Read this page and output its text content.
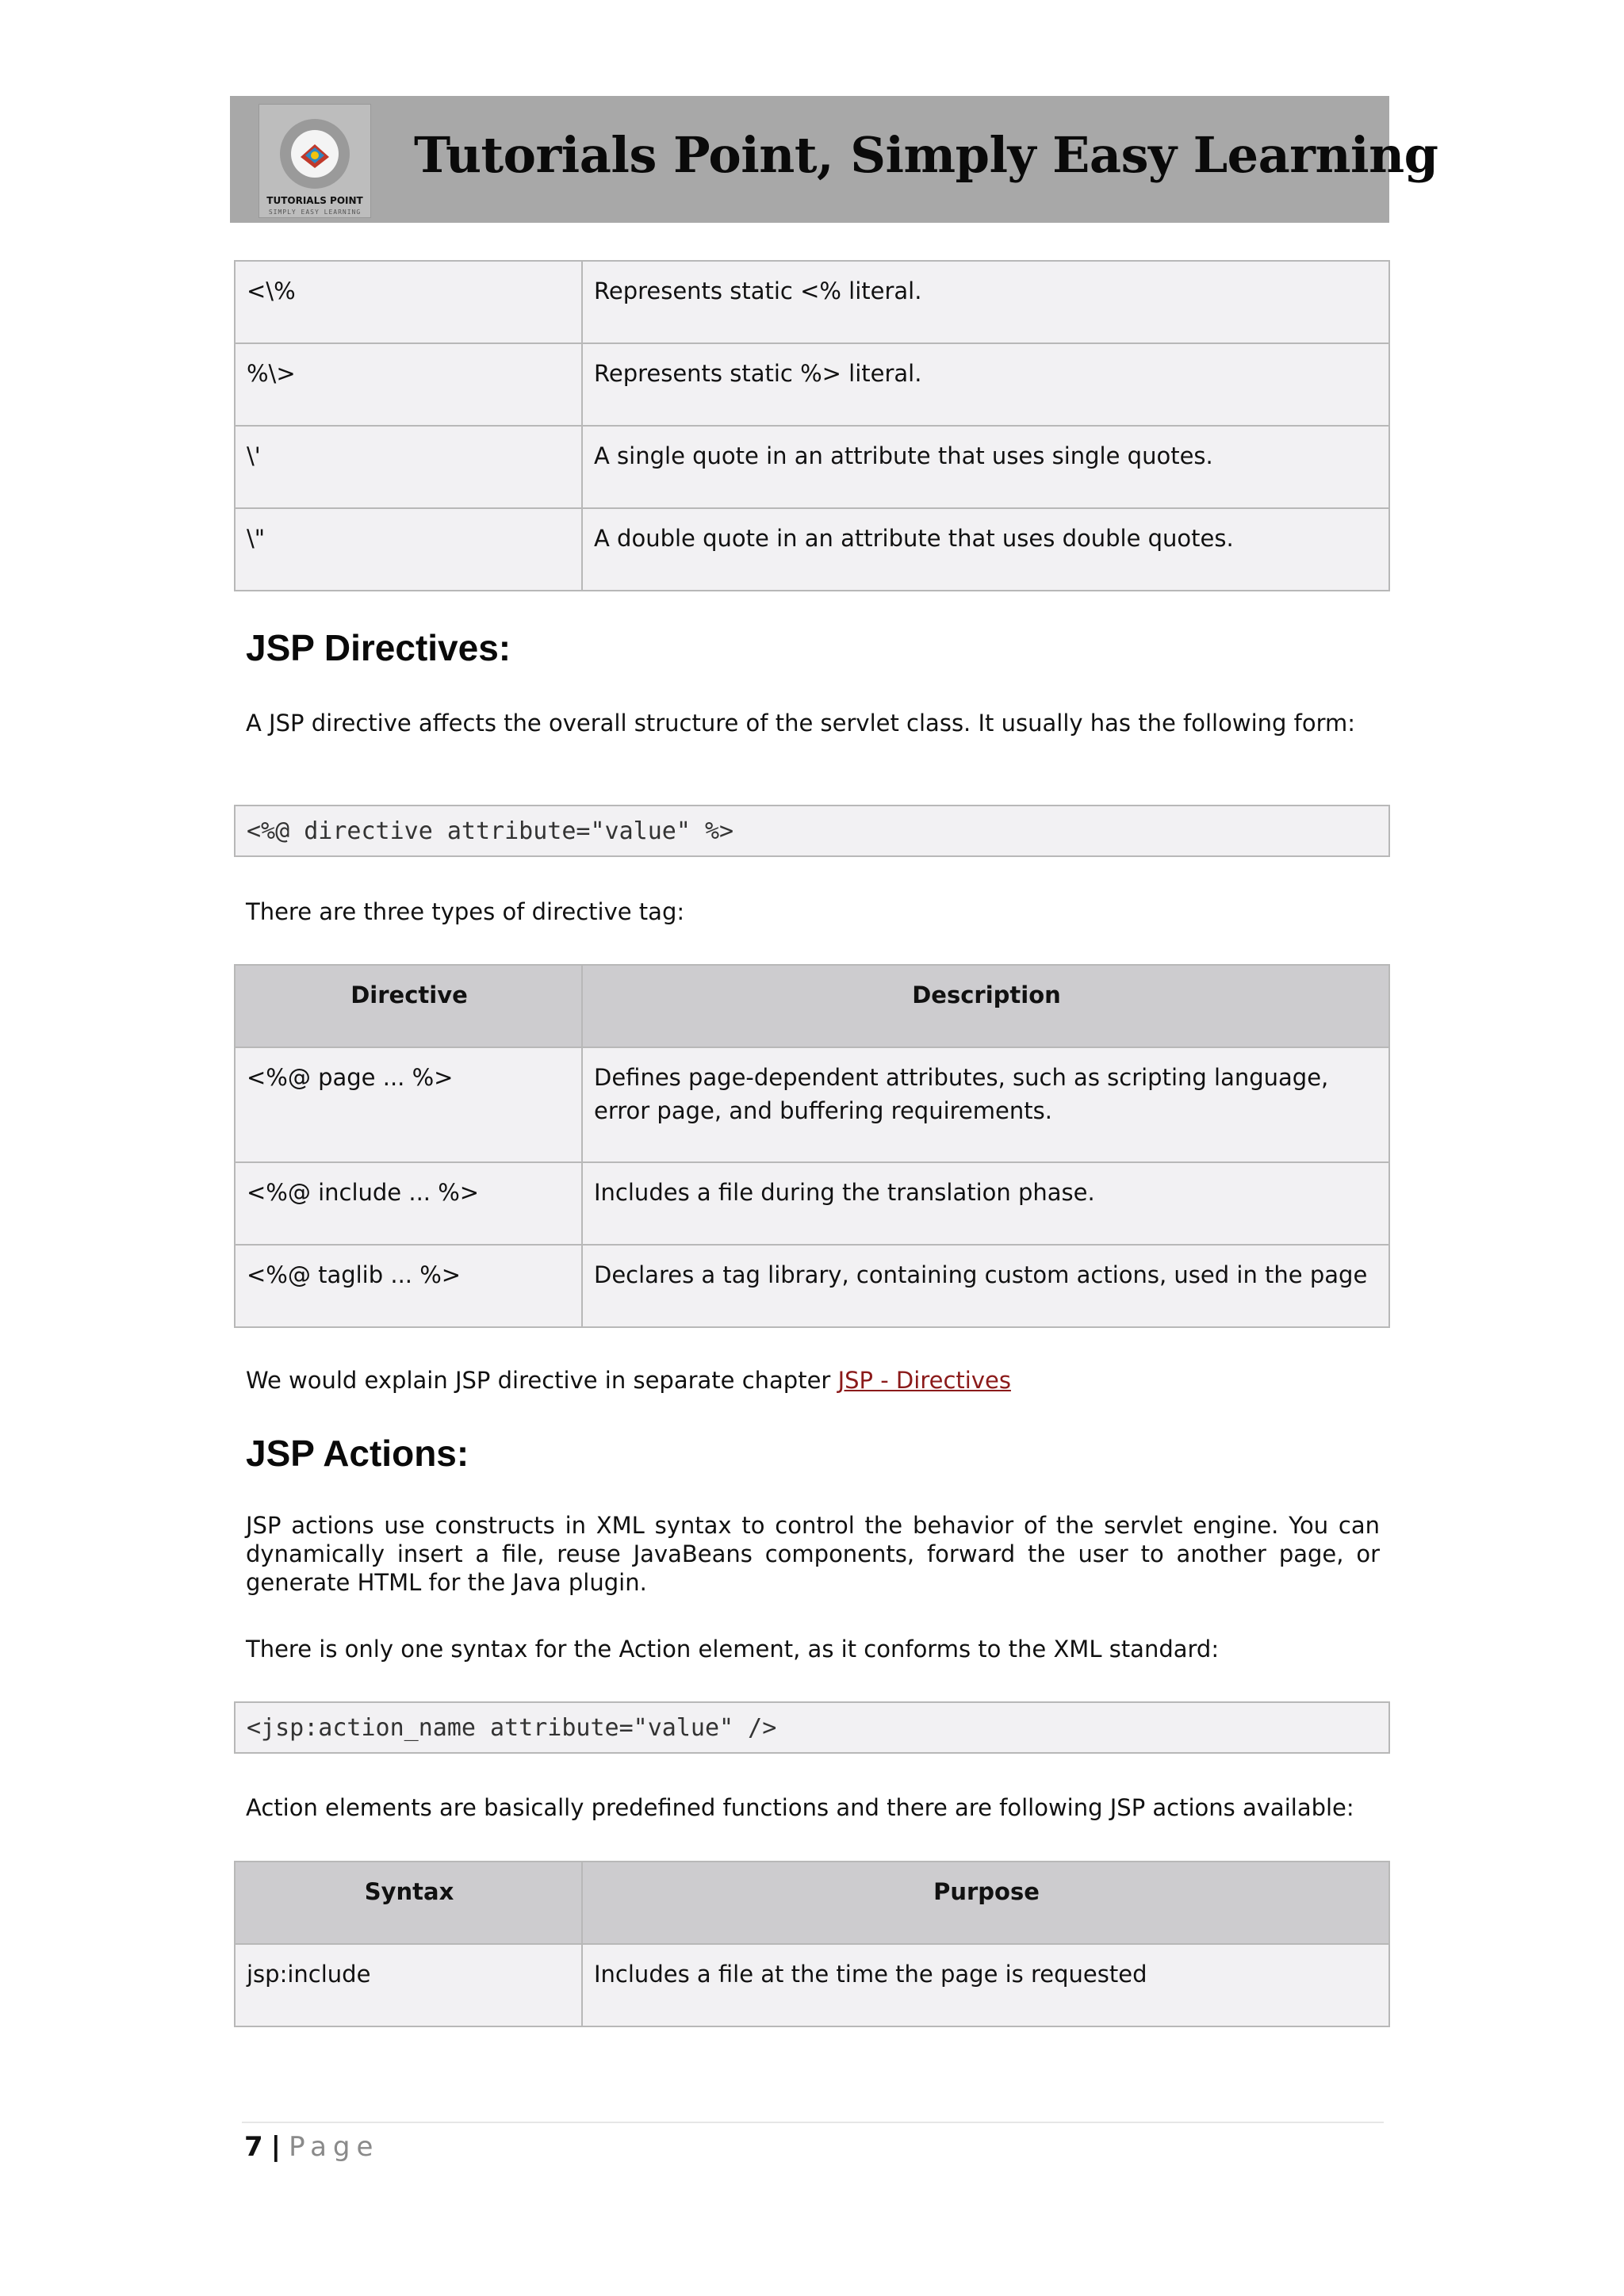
TUTORIALS POINT
SIMPLY EASY LEARNING
Tutorials Point, Simply Easy Learning
<\%	Represents static <% literal.
%\>	Represents static %> literal.
\'	A single quote in an attribute that uses single quotes.
\"	A double quote in an attribute that uses double quotes.
JSP Directives:

A JSP directive affects the overall structure of the servlet class. It usually has the following form:

<%@ directive attribute="value" %>

There are three types of directive tag:

Directive	Description
<%@ page ... %>	Defines page-dependent attributes, such as scripting language, error page, and buffering requirements.
<%@ include ... %>	Includes a file during the translation phase.
<%@ taglib ... %>	Declares a tag library, containing custom actions, used in the page

We would explain JSP directive in separate chapter JSP - Directives

JSP Actions:

JSP actions use constructs in XML syntax to control the behavior of the servlet engine. You can dynamically insert a file, reuse JavaBeans components, forward the user to another page, or generate HTML for the Java plugin.

There is only one syntax for the Action element, as it conforms to the XML standard:

<jsp:action_name attribute="value" />

Action elements are basically predefined functions and there are following JSP actions available:

Syntax	Purpose
jsp:include	Includes a file at the time the page is requested
7 | Page
